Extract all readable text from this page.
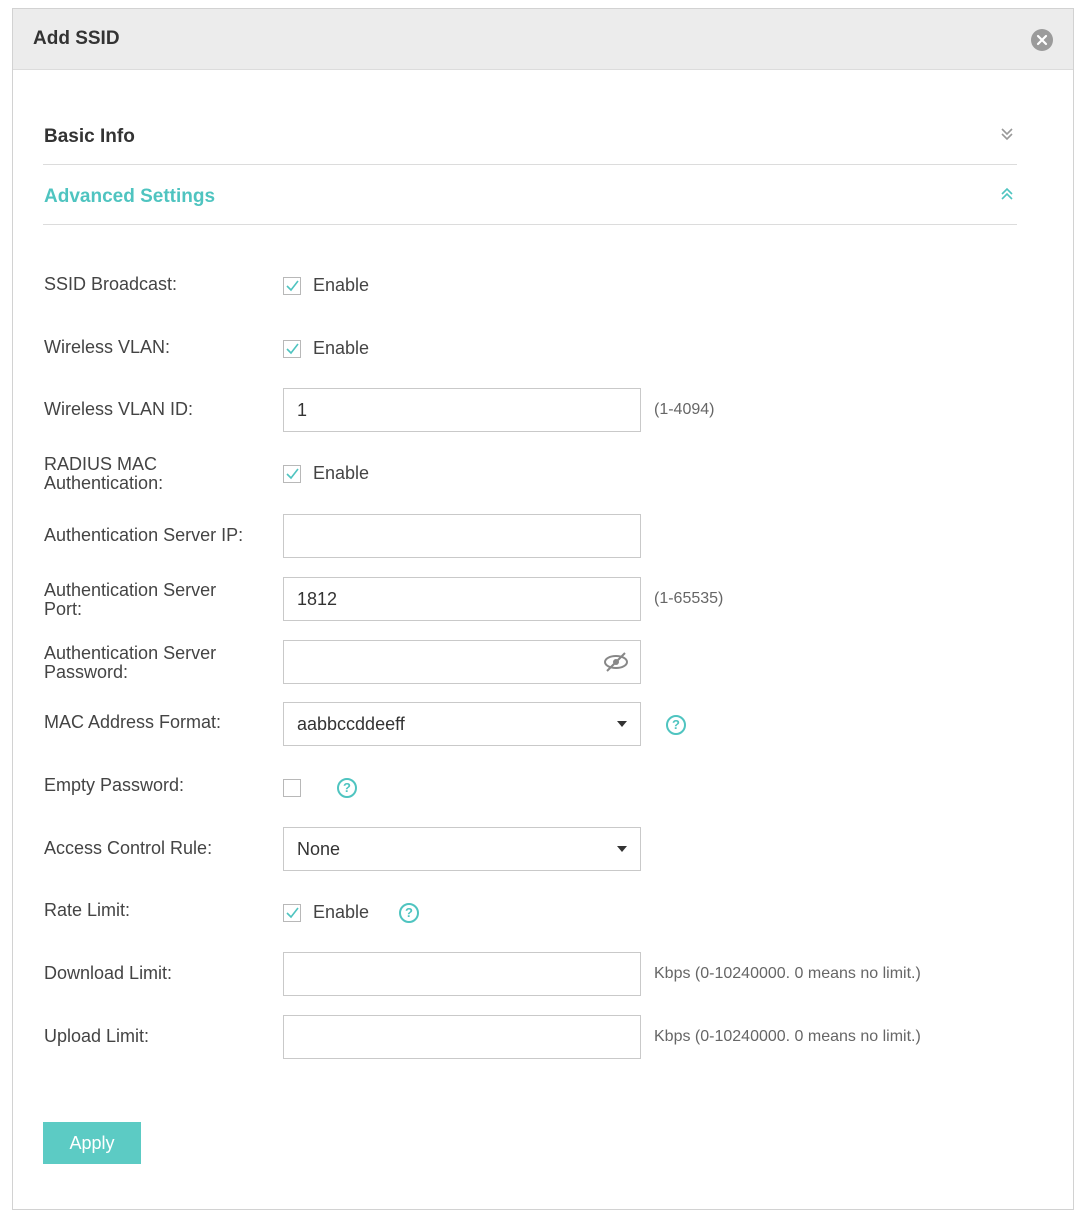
Add SSID
Basic Info
Advanced Settings
SSID Broadcast:	Enable
Wireless VLAN:	Enable
Wireless VLAN ID:	1	(1-4094)
RADIUS MAC
Authentication:	Enable
Authentication Server IP:
Authentication Server
Port:	1812	(1-65535)
Authentication Server
Password:
MAC Address Format:	aabbccddeeff	?
Empty Password:	?
Access Control Rule:	None
Rate Limit:	Enable	?
Download Limit:	Kbps (0-10240000. 0 means no limit.)
Upload Limit:	Kbps (0-10240000. 0 means no limit.)
Apply
